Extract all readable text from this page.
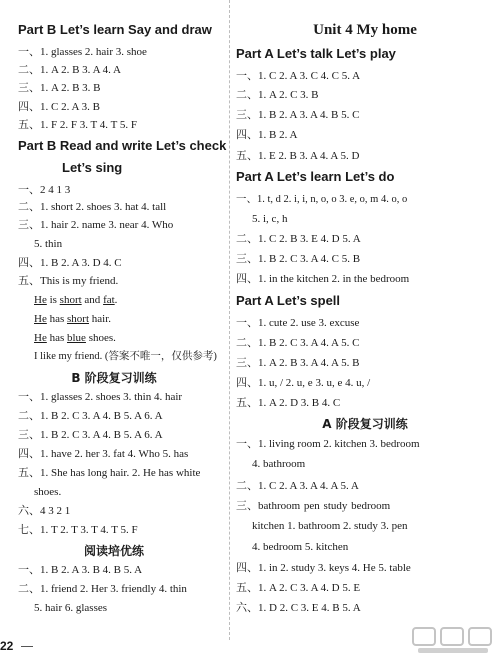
Part B Let’s learn Say and draw
一、1. glasses 2. hair 3. shoe
二、1. A 2. B 3. A 4. A
三、1. A 2. B 3. B
四、1. C 2. A 3. B
五、1. F 2. F 3. T 4. T 5. F
Part B Read and write Let’s check
Let’s sing
一、2 4 1 3
二、1. short 2. shoes 3. hat 4. tall
三、1. hair 2. name 3. near 4. Who
5. thin
四、1. B 2. A 3. D 4. C
五、This is my friend.
He is short and fat.
He has short hair.
He has blue shoes.
I like my friend. (答案不唯一，仅供参考)
B 阶段复习训练
一、1. glasses 2. shoes 3. thin 4. hair
二、1. B 2. C 3. A 4. B 5. A 6. A
三、1. B 2. C 3. A 4. B 5. A 6. A
四、1. have 2. her 3. fat 4. Who 5. has
五、1. She has long hair. 2. He has white
shoes.
六、4 3 2 1
七、1. T 2. T 3. T 4. T 5. F
阅读培优练
一、1. B 2. A 3. B 4. B 5. A
二、1. friend 2. Her 3. friendly 4. thin
5. hair 6. glasses
Unit 4 My home
Part A Let’s talk Let’s play
一、1. C 2. A 3. C 4. C 5. A
二、1. A 2. C 3. B
三、1. B 2. A 3. A 4. B 5. C
四、1. B 2. A
五、1. E 2. B 3. A 4. A 5. D
Part A Let’s learn Let’s do
一、1. t, d 2. i, i, n, o, o 3. e, o, m 4. o, o
5. i, c, h
二、1. C 2. B 3. E 4. D 5. A
三、1. B 2. C 3. A 4. C 5. B
四、1. in the kitchen 2. in the bedroom
Part A Let’s spell
一、1. cute 2. use 3. excuse
二、1. B 2. C 3. A 4. A 5. C
三、1. A 2. B 3. A 4. A 5. B
四、1. u, / 2. u, e 3. u, e 4. u, /
五、1. A 2. D 3. B 4. C
A 阶段复习训练
一、1. living room 2. kitchen 3. bedroom
4. bathroom
二、1. C 2. A 3. A 4. A 5. A
三、bathroom pen study bedroom
kitchen 1. bathroom 2. study 3. pen
4. bedroom 5. kitchen
四、1. in 2. study 3. keys 4. He 5. table
五、1. A 2. C 3. A 4. D 5. E
六、1. D 2. C 3. E 4. B 5. A
22
